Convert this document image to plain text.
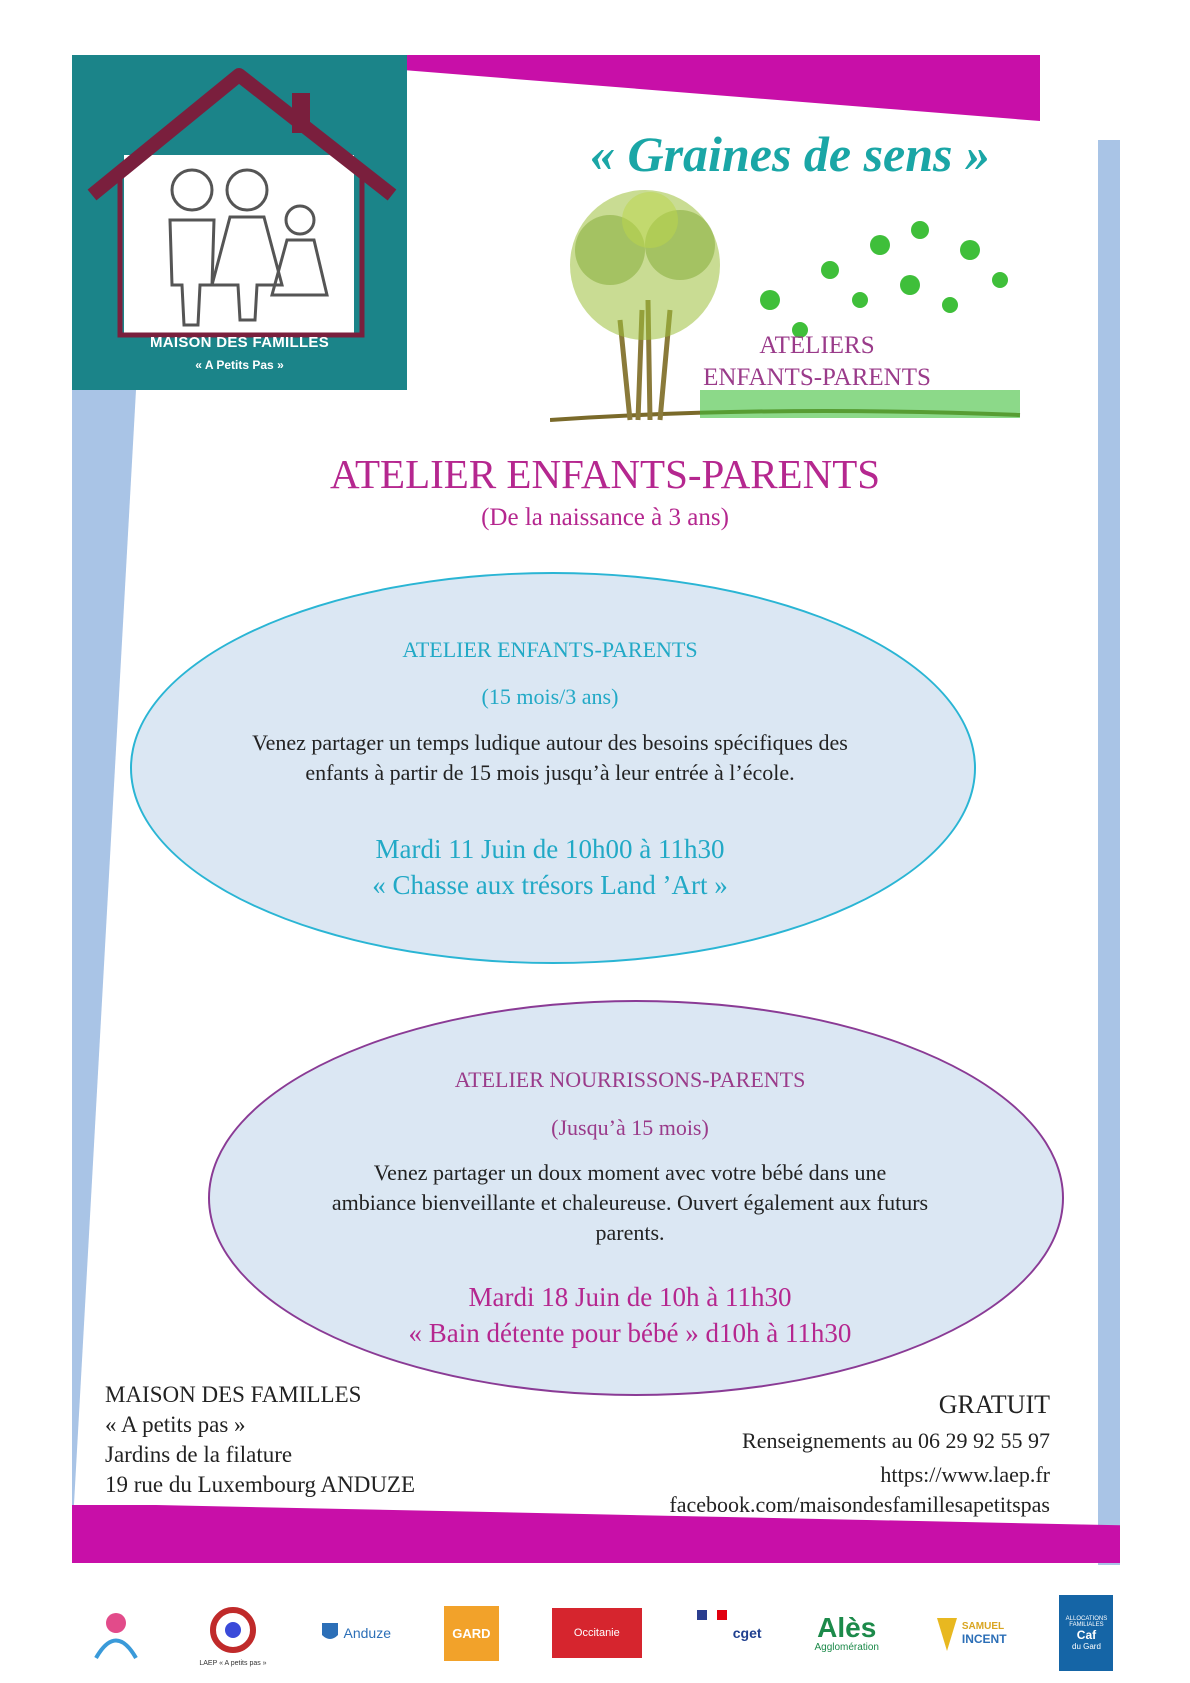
MAISON DES FAMILLES
« A Petits Pas »
« Graines de sens »
ATELIERS
ENFANTS-PARENTS
ATELIER ENFANTS-PARENTS
(De la naissance à 3 ans)
ATELIER ENFANTS-PARENTS
(15 mois/3 ans)
Venez partager un temps ludique autour des besoins spécifiques des enfants à partir de 15 mois jusqu’à leur entrée à l’école.
Mardi 11 Juin de 10h00 à 11h30
« Chasse aux trésors Land ’Art »
ATELIER NOURRISSONS-PARENTS
(Jusqu’à 15 mois)
Venez partager un doux moment avec votre bébé dans une ambiance bienveillante et chaleureuse. Ouvert également aux futurs parents.
Mardi 18 Juin de 10h à 11h30
« Bain détente pour bébé » d10h à 11h30
MAISON DES FAMILLES
« A petits pas »
Jardins de la filature
19 rue du Luxembourg ANDUZE
GRATUIT
Renseignements au 06 29 92 55 97
https://www.laep.fr
facebook.com/maisondesfamillesapetitspas
LAEP « A petits pas »
Anduze	GARD	Occitanie	cget Alès
Agglomération
SAMUEL
INCENT
ALLOCATIONS FAMILIALES
Caf
du Gard
